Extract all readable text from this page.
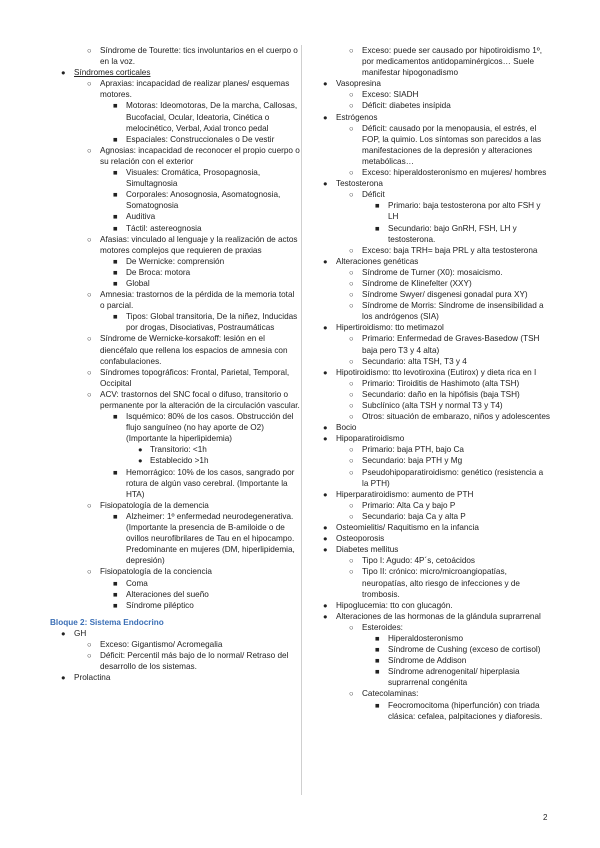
○ Síndrome de Tourette: tics involuntarios en el cuerpo o en la voz.
● Síndromes corticales
○ Apraxias: incapacidad de realizar planes/ esquemas motores.
■ Motoras: Ideomotoras, De la marcha, Callosas, Bucofacial, Ocular, Ideatoria, Cinética o melocinético, Verbal, Axial tronco pedal
■ Espaciales: Construccionales o De vestir
○ Agnosias: incapacidad de reconocer el propio cuerpo o su relación con el exterior
■ Visuales: Cromática, Prosopagnosia, Simultagnosia
■ Corporales: Anosognosia, Asomatognosia, Somatognosia
■ Auditiva
■ Táctil: astereognosia
○ Afasias: vinculado al lenguaje y la realización de actos motores complejos que requieren de praxias
■ De Wernicke: comprensión
■ De Broca: motora
■ Global
○ Amnesia: trastornos de la pérdida de la memoria total o parcial.
■ Tipos: Global transitoria, De la niñez, Inducidas por drogas, Disociativas, Postraumáticas
○ Síndrome de Wernicke-korsakoff: lesión en el diencéfalo que rellena los espacios de amnesia con confabulaciones.
○ Síndromes topográficos: Frontal, Parietal, Temporal, Occipital
○ ACV: trastornos del SNC focal o difuso, transitorio o permanente por la alteración de la circulación vascular.
■ Isquémico: 80% de los casos. Obstrucción del flujo sanguíneo (no hay aporte de O2) (Importante la hiperlipidemia)
● Transitorio: <1h
● Establecido >1h
■ Hemorrágico: 10% de los casos, sangrado por rotura de algún vaso cerebral. (Importante la HTA)
○ Fisiopatología de la demencia
■ Alzheimer: 1º enfermedad neurodegenerativa. (Importante la presencia de B-amiloide o de ovillos neurofibrilares de Tau en el hipocampo. Predominante en mujeres (DM, hiperlipidemia, depresión)
○ Fisiopatología de la conciencia
■ Coma
■ Alteraciones del sueño
■ Síndrome piléptico
Bloque 2: Sistema Endocrino
● GH
○ Exceso: Gigantismo/ Acromegalia
○ Déficit: Percentil más bajo de lo normal/ Retraso del desarrollo de los sistemas.
● Prolactina
○ Exceso: puede ser causado por hipotiroidismo 1º, por medicamentos antidopaminérgicos… Suele manifestar hipogonadismo
● Vasopresina
○ Exceso: SIADH
○ Déficit: diabetes insípida
● Estrógenos
○ Déficit: causado por la menopausia, el estrés, el FOP, la quimio. Los síntomas son parecidos a las manifestaciones de la depresión y alteraciones metabólicas…
○ Exceso: hiperaldosteronismo en mujeres/ hombres
● Testosterona
○ Déficit
■ Primario: baja testosterona por alto FSH y LH
■ Secundario: bajo GnRH, FSH, LH y testosterona.
○ Exceso: baja TRH= baja PRL y alta testosterona
● Alteraciones genéticas
○ Síndrome de Turner (X0): mosaicismo.
○ Síndrome de Klinefelter (XXY)
○ Síndrome Swyer/ disgenesi gonadal pura XY)
○ Síndrome de Morris: Síndrome de insensibilidad a los andrógenos (SIA)
● Hipertiroidismo: tto metimazol
○ Primario: Enfermedad de Graves-Basedow (TSH baja pero T3 y 4 alta)
○ Secundario: alta TSH, T3 y 4
● Hipotiroidismo: tto levotiroxina (Eutirox) y dieta rica en I
○ Primario: Tiroiditis de Hashimoto (alta TSH)
○ Secundario: daño en la hipófisis (baja TSH)
○ Subclínico (alta TSH y normal T3 y T4)
○ Otros: situación de embarazo, niños y adolescentes
● Bocio
● Hipoparatiroidismo
○ Primario: baja PTH, bajo Ca
○ Secundario: baja PTH y Mg
○ Pseudohipoparatiroidismo: genético (resistencia a la PTH)
● Hiperparatiroidismo: aumento de PTH
○ Primario: Alta Ca y bajo P
○ Secundario: baja Ca y alta P
● Osteomielitis/ Raquitismo en la infancia
● Osteoporosis
● Diabetes mellitus
○ Tipo I: Agudo: 4P´s, cetoácidos
○ Tipo II: crónico: micro/microangiopatías, neuropatías, alto riesgo de infecciones y de trombosis.
● Hipoglucemia: tto con glucagón.
● Alteraciones de las hormonas de la glándula suprarrenal
○ Esteroides:
■ Hiperaldosteronismo
■ Síndrome de Cushing (exceso de cortisol)
■ Síndrome de Addison
■ Síndrome adrenogenital/ hiperplasia suprarrenal congénita
○ Catecolaminas:
■ Feocromocitoma (hiperfunción) con triada clásica: cefalea, palpitaciones y diaforesis.
2
